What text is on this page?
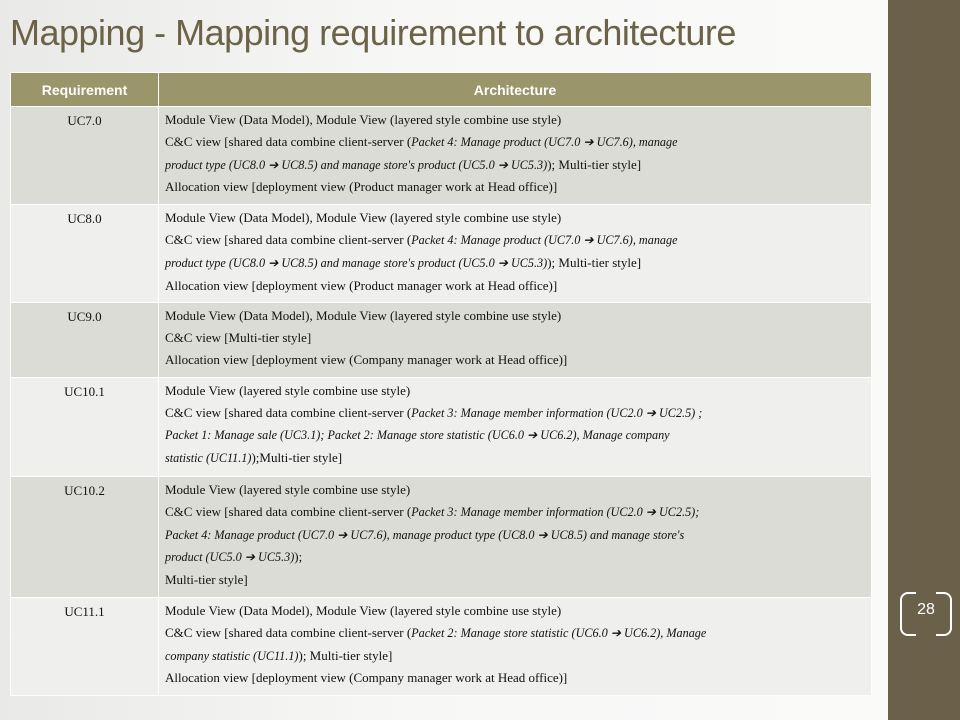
Mapping - Mapping requirement to architecture
Requirement	Architecture
UC7.0	Module View (Data Model), Module View (layered style combine use style)
C&C view [shared data combine client-server (Packet 4: Manage product (UC7.0 ➔ UC7.6), manage
product type (UC8.0 ➔ UC8.5) and manage store's product (UC5.0 ➔ UC5.3)); Multi-tier style]
Allocation view [deployment view (Product manager work at Head office)]

UC8.0	Module View (Data Model), Module View (layered style combine use style)
C&C view [shared data combine client-server (Packet 4: Manage product (UC7.0 ➔ UC7.6), manage
product type (UC8.0 ➔ UC8.5) and manage store's product (UC5.0 ➔ UC5.3)); Multi-tier style]
Allocation view [deployment view (Product manager work at Head office)]

UC9.0	Module View (Data Model), Module View (layered style combine use style)
C&C view [Multi-tier style]
Allocation view [deployment view (Company manager work at Head office)]

UC10.1	Module View (layered style combine use style)
C&C view [shared data combine client-server (Packet 3: Manage member information (UC2.0 ➔ UC2.5) ;
Packet 1: Manage sale (UC3.1); Packet 2: Manage store statistic (UC6.0 ➔ UC6.2), Manage company
statistic (UC11.1));Multi-tier style]

UC10.2	Module View (layered style combine use style)
C&C view [shared data combine client-server (Packet 3: Manage member information (UC2.0 ➔ UC2.5);
Packet 4: Manage product (UC7.0 ➔ UC7.6), manage product type (UC8.0 ➔ UC8.5) and manage store's
product (UC5.0 ➔ UC5.3));
Multi-tier style]

UC11.1	Module View (Data Model), Module View (layered style combine use style)
C&C view [shared data combine client-server (Packet 2: Manage store statistic (UC6.0 ➔ UC6.2), Manage
company statistic (UC11.1)); Multi-tier style]
Allocation view [deployment view (Company manager work at Head office)]
28
